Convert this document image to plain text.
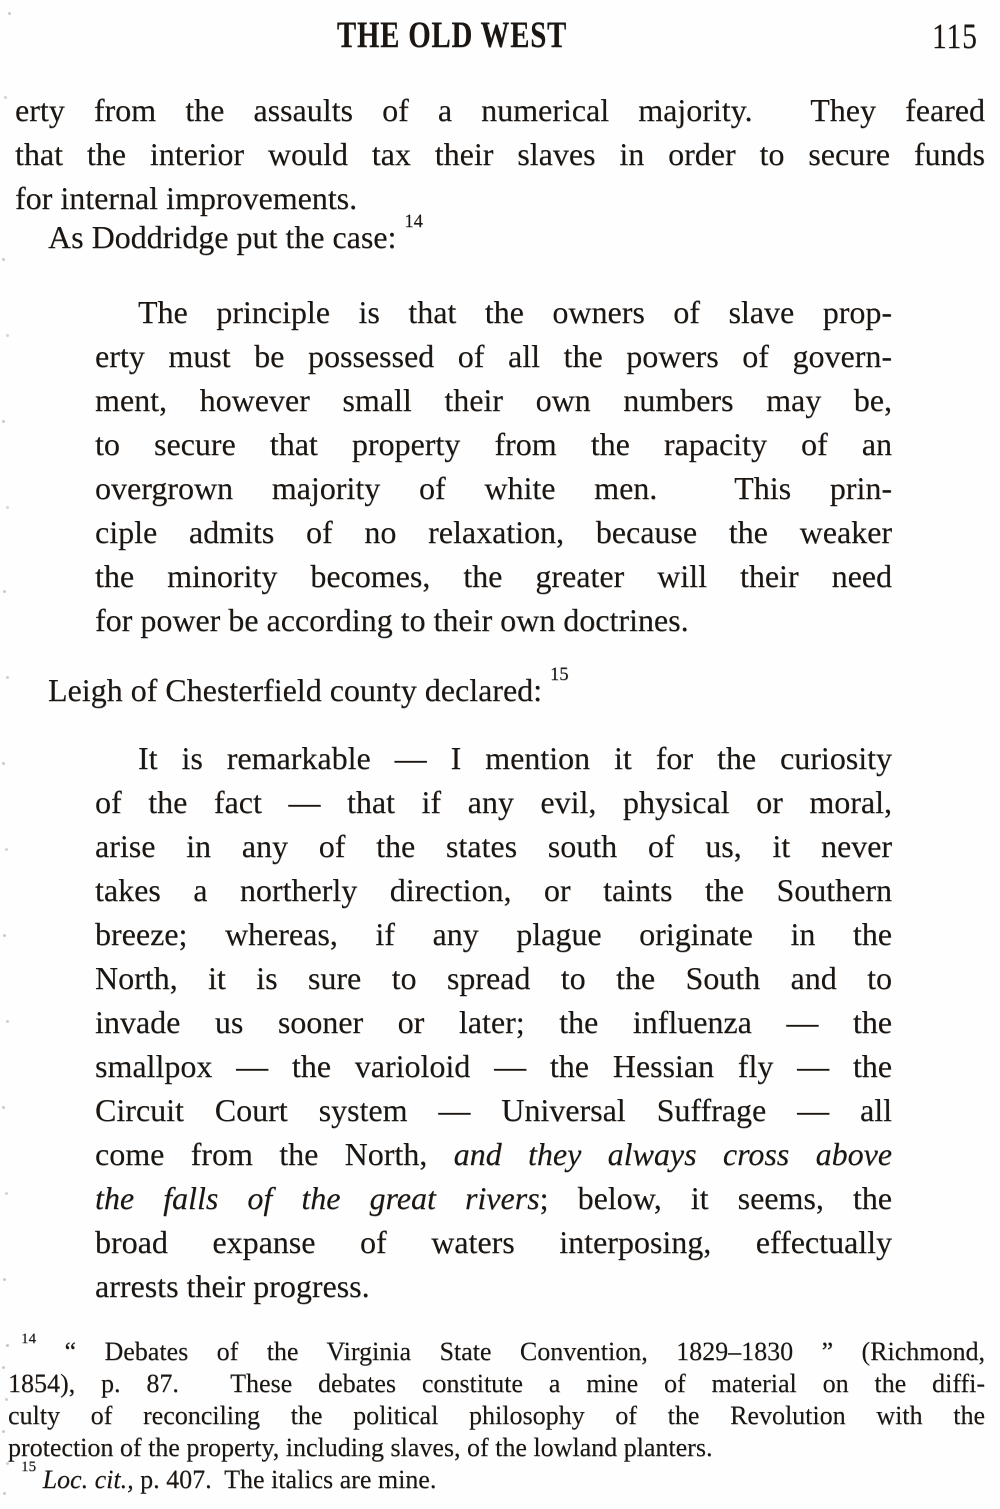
THE OLD WEST	115
erty from the assaults of a numerical majority.  They feared
that the interior would tax their slaves in order to secure funds
for internal improvements.
As Doddridge put the case: $^{14}$
The principle is that the owners of slave prop-
erty must be possessed of all the powers of govern-
ment, however small their own numbers may be,
to secure that property from the rapacity of an
overgrown majority of white men.  This prin-
ciple admits of no relaxation, because the weaker
the minority becomes, the greater will their need
for power be according to their own doctrines.
Leigh of Chesterfield county declared: $^{15}$
It is remarkable — I mention it for the curiosity
of the fact — that if any evil, physical or moral,
arise in any of the states south of us, it never
takes a northerly direction, or taints the Southern
breeze; whereas, if any plague originate in the
North, it is sure to spread to the South and to
invade us sooner or later; the influenza — the
smallpox — the varioloid — the Hessian fly — the
Circuit Court system — Universal Suffrage — all
come from the North, and they always cross above
the falls of the great rivers; below, it seems, the
broad expanse of waters interposing, effectually
arrests their progress.
$^{14}$ “ Debates of the Virginia State Convention, 1829–1830 ” (Richmond,
1854), p. 87.  These debates constitute a mine of material on the diffi-
culty of reconciling the political philosophy of the Revolution with the
protection of the property, including slaves, of the lowland planters.
$^{15}$ Loc. cit., p. 407.  The italics are mine.
